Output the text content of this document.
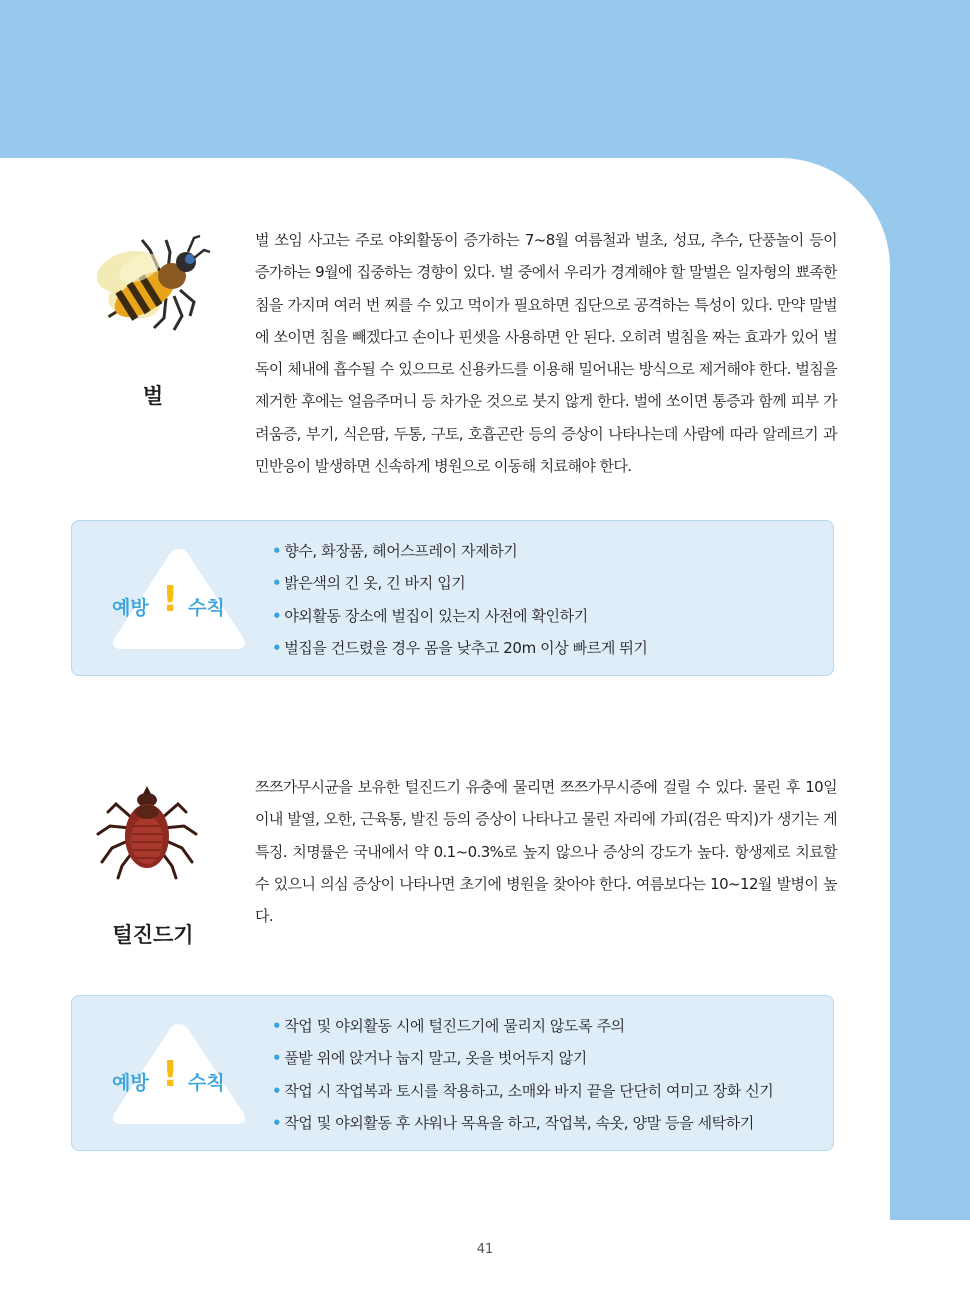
벌
벌 쏘임 사고는 주로 야외활동이 증가하는 7~8월 여름철과 벌초, 성묘, 추수, 단풍놀이 등이 증가하는 9월에 집중하는 경향이 있다. 벌 중에서 우리가 경계해야 할 말벌은 일자형의 뾰족한 침을 가지며 여러 번 찌를 수 있고 먹이가 필요하면 집단으로 공격하는 특성이 있다. 만약 말벌에 쏘이면 침을 빼겠다고 손이나 핀셋을 사용하면 안 된다. 오히려 벌침을 짜는 효과가 있어 벌 독이 체내에 흡수될 수 있으므로 신용카드를 이용해 밀어내는 방식으로 제거해야 한다. 벌침을 제거한 후에는 얼음주머니 등 차가운 것으로 붓지 않게 한다. 벌에 쏘이면 통증과 함께 피부 가려움증, 부기, 식은땀, 두통, 구토, 호흡곤란 등의 증상이 나타나는데 사람에 따라 알레르기 과민반응이 발생하면 신속하게 병원으로 이동해 치료해야 한다.
예방 ! 수칙
• 향수, 화장품, 헤어스프레이 자제하기
• 밝은색의 긴 옷, 긴 바지 입기
• 야외활동 장소에 벌집이 있는지 사전에 확인하기
• 벌집을 건드렸을 경우 몸을 낮추고 20m 이상 빠르게 뛰기
털진드기
쯔쯔가무시균을 보유한 털진드기 유충에 물리면 쯔쯔가무시증에 걸릴 수 있다. 물린 후 10일 이내 발열, 오한, 근육통, 발진 등의 증상이 나타나고 물린 자리에 가피(검은 딱지)가 생기는 게 특징. 치명률은 국내에서 약 0.1~0.3%로 높지 않으나 증상의 강도가 높다. 항생제로 치료할 수 있으니 의심 증상이 나타나면 초기에 병원을 찾아야 한다. 여름보다는 10~12월 발병이 높다.
예방 ! 수칙
• 작업 및 야외활동 시에 털진드기에 물리지 않도록 주의
• 풀밭 위에 앉거나 눕지 말고, 옷을 벗어두지 않기
• 작업 시 작업복과 토시를 착용하고, 소매와 바지 끝을 단단히 여미고 장화 신기
• 작업 및 야외활동 후 샤워나 목욕을 하고, 작업복, 속옷, 양말 등을 세탁하기
41
